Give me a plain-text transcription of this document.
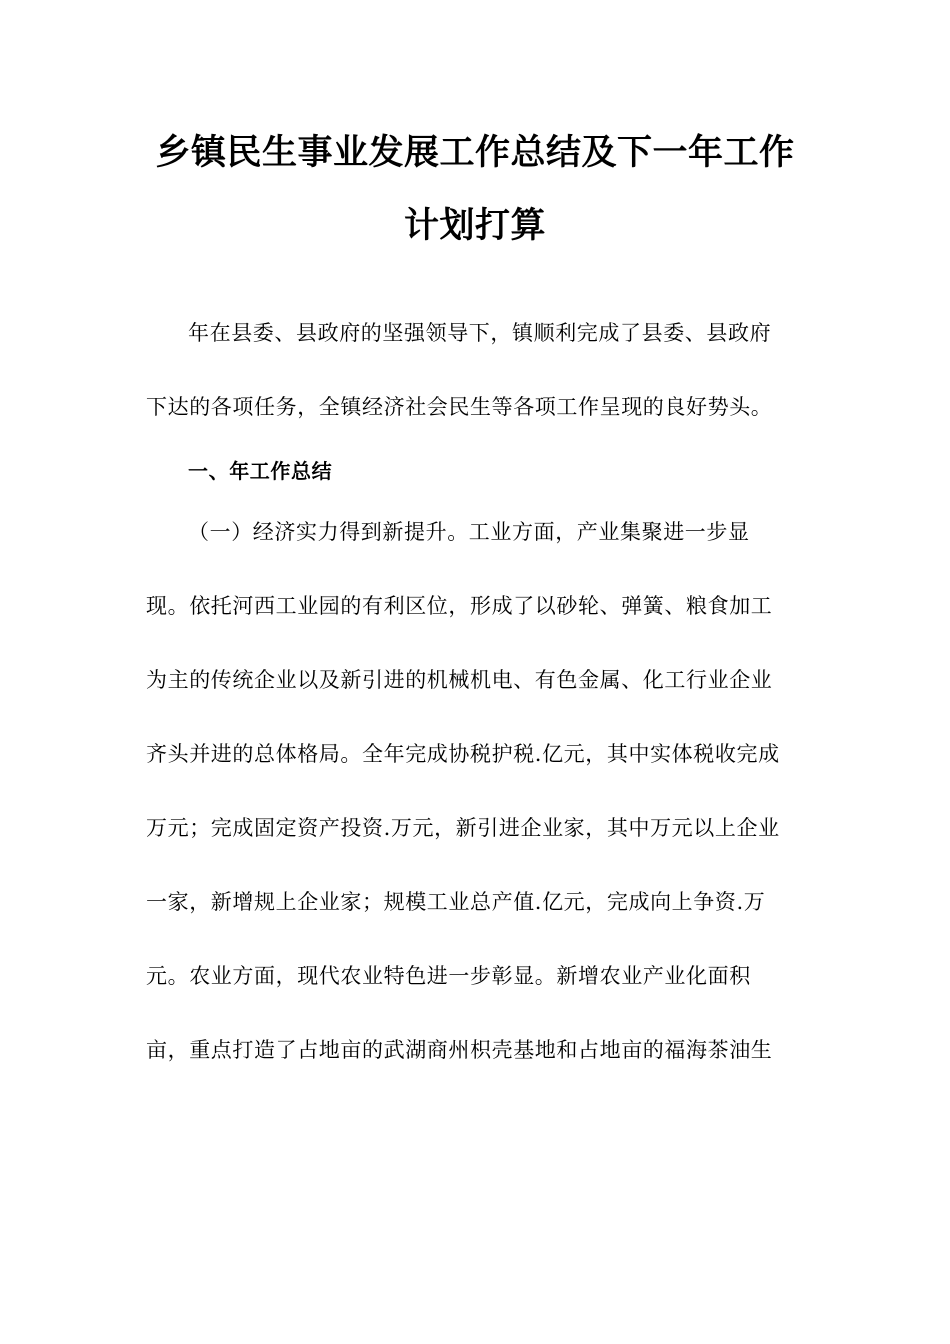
乡镇民生事业发展工作总结及下一年工作
计划打算
年在县委、县政府的坚强领导下，镇顺利完成了县委、县政府
下达的各项任务，全镇经济社会民生等各项工作呈现的良好势头。
一、年工作总结
（一）经济实力得到新提升。工业方面，产业集聚进一步显
现。依托河西工业园的有利区位，形成了以砂轮、弹簧、粮食加工
为主的传统企业以及新引进的机械机电、有色金属、化工行业企业
齐头并进的总体格局。全年完成协税护税.亿元，其中实体税收完成
万元；完成固定资产投资.万元，新引进企业家，其中万元以上企业
一家，新增规上企业家；规模工业总产值.亿元，完成向上争资.万
元。农业方面，现代农业特色进一步彰显。新增农业产业化面积
亩，重点打造了占地亩的武湖商州枳壳基地和占地亩的福海茶油生
